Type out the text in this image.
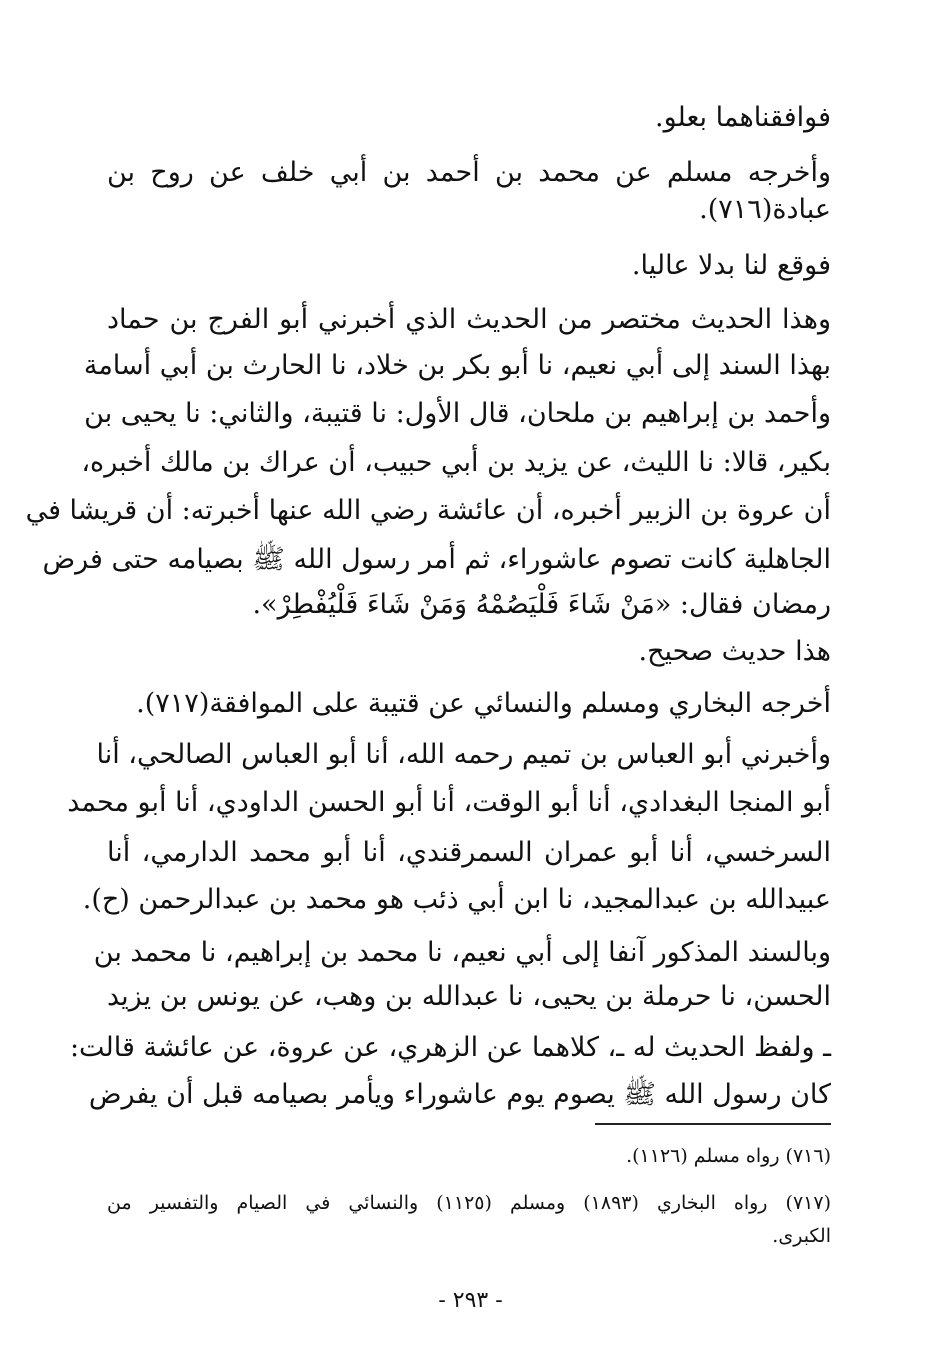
فوافقناهما بعلو.
وأخرجه مسلم عن محمد بن أحمد بن أبي خلف عن روح بن
عبادة(٧١٦).
فوقع لنا بدلا عاليا.
وهذا الحديث مختصر من الحديث الذي أخبرني أبو الفرج بن حماد
بهذا السند إلى أبي نعيم، نا أبو بكر بن خلاد، نا الحارث بن أبي أسامة
وأحمد بن إبراهيم بن ملحان، قال الأول: نا قتيبة، والثاني: نا يحيى بن
بكير، قالا: نا الليث، عن يزيد بن أبي حبيب، أن عراك بن مالك أخبره،
أن عروة بن الزبير أخبره، أن عائشة رضي الله عنها أخبرته: أن قريشا في
الجاهلية كانت تصوم عاشوراء، ثم أمر رسول الله ﷺ بصيامه حتى فرض
رمضان فقال: «مَنْ شَاءَ فَلْيَصُمْهُ وَمَنْ شَاءَ فَلْيُفْطِرْ».
هذا حديث صحيح.
أخرجه البخاري ومسلم والنسائي عن قتيبة على الموافقة(٧١٧).
وأخبرني أبو العباس بن تميم رحمه الله، أنا أبو العباس الصالحي، أنا
أبو المنجا البغدادي، أنا أبو الوقت، أنا أبو الحسن الداودي، أنا أبو محمد
السرخسي، أنا أبو عمران السمرقندي، أنا أبو محمد الدارمي، أنا
عبيدالله بن عبدالمجيد، نا ابن أبي ذئب هو محمد بن عبدالرحمن (ح).
وبالسند المذكور آنفا إلى أبي نعيم، نا محمد بن إبراهيم، نا محمد بن
الحسن، نا حرملة بن يحيى، نا عبدالله بن وهب، عن يونس بن يزيد
ـ ولفظ الحديث له ـ، كلاهما عن الزهري، عن عروة، عن عائشة قالت:
كان رسول الله ﷺ يصوم يوم عاشوراء ويأمر بصيامه قبل أن يفرض
(٧١٦) رواه مسلم (١١٢٦).
(٧١٧) رواه البخاري (١٨٩٣) ومسلم (١١٢٥) والنسائي في الصيام والتفسير من
الكبرى.
- ٢٩٣ -
